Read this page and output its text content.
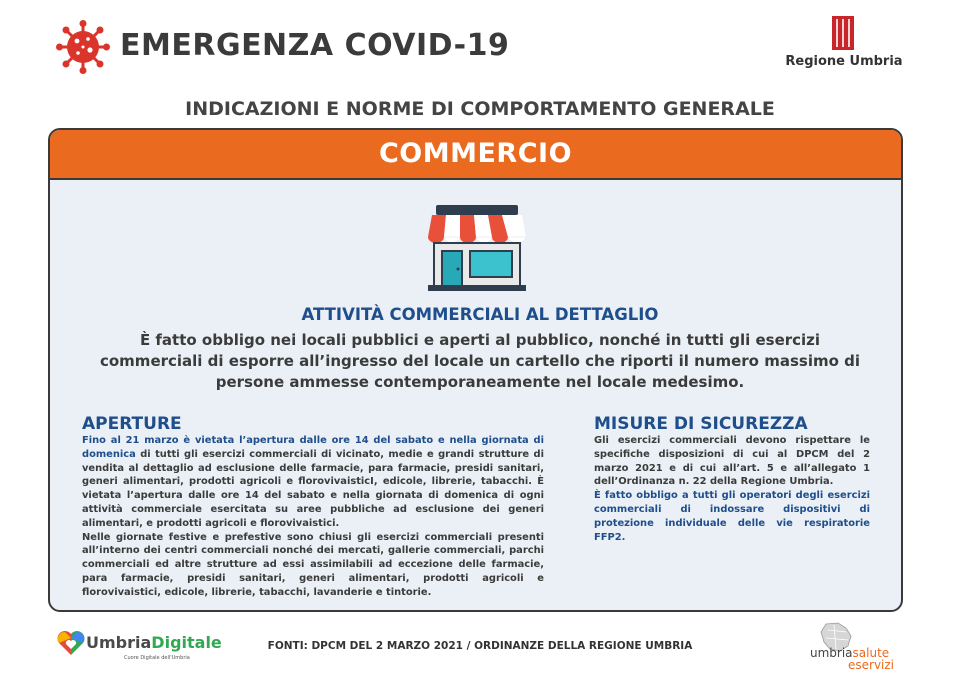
EMERGENZA COVID-19	Regione Umbria
INDICAZIONI E NORME DI COMPORTAMENTO GENERALE
COMMERCIO
ATTIVITÀ COMMERCIALI AL DETTAGLIO
È fatto obbligo nei locali pubblici e aperti al pubblico, nonché in tutti gli esercizi commerciali di esporre all’ingresso del locale un cartello che riporti il numero massimo di persone ammesse contemporaneamente nel locale medesimo.
APERTURE
Fino al 21 marzo è vietata l’apertura dalle ore 14 del sabato e nella giornata di domenica di tutti gli esercizi commerciali di vicinato, medie e grandi strutture di vendita al dettaglio ad esclusione delle farmacie, para farmacie, presidi sanitari, generi alimentari, prodotti agricoli e florovivaisticI, edicole, librerie, tabacchi. È vietata l’apertura dalle ore 14 del sabato e nella giornata di domenica di ogni attività commerciale esercitata su aree pubbliche ad esclusione dei generi alimentari, e prodotti agricoli e florovivaistici.
Nelle giornate festive e prefestive sono chiusi gli esercizi commerciali presenti all’interno dei centri commerciali nonché dei mercati, gallerie commerciali, parchi commerciali ed altre strutture ad essi assimilabili ad eccezione delle farmacie, para farmacie, presidi sanitari, generi alimentari, prodotti agricoli e florovivaistici, edicole, librerie, tabacchi, lavanderie e tintorie.
MISURE DI SICUREZZA
Gli esercizi commerciali devono rispettare le specifiche disposizioni di cui al DPCM del 2 marzo 2021 e di cui all’art. 5 e all’allegato 1 dell’Ordinanza n. 22 della Regione Umbria.
È fatto obbligo a tutti gli operatori degli esercizi commerciali di indossare dispositivi di protezione individuale delle vie respiratorie FFP2.
UmbriaDigitale
Cuore Digitale dell'Umbria
FONTI: DPCM DEL 2 MARZO 2021 / ORDINANZE DELLA REGIONE UMBRIA	umbriasalute
eservizi
